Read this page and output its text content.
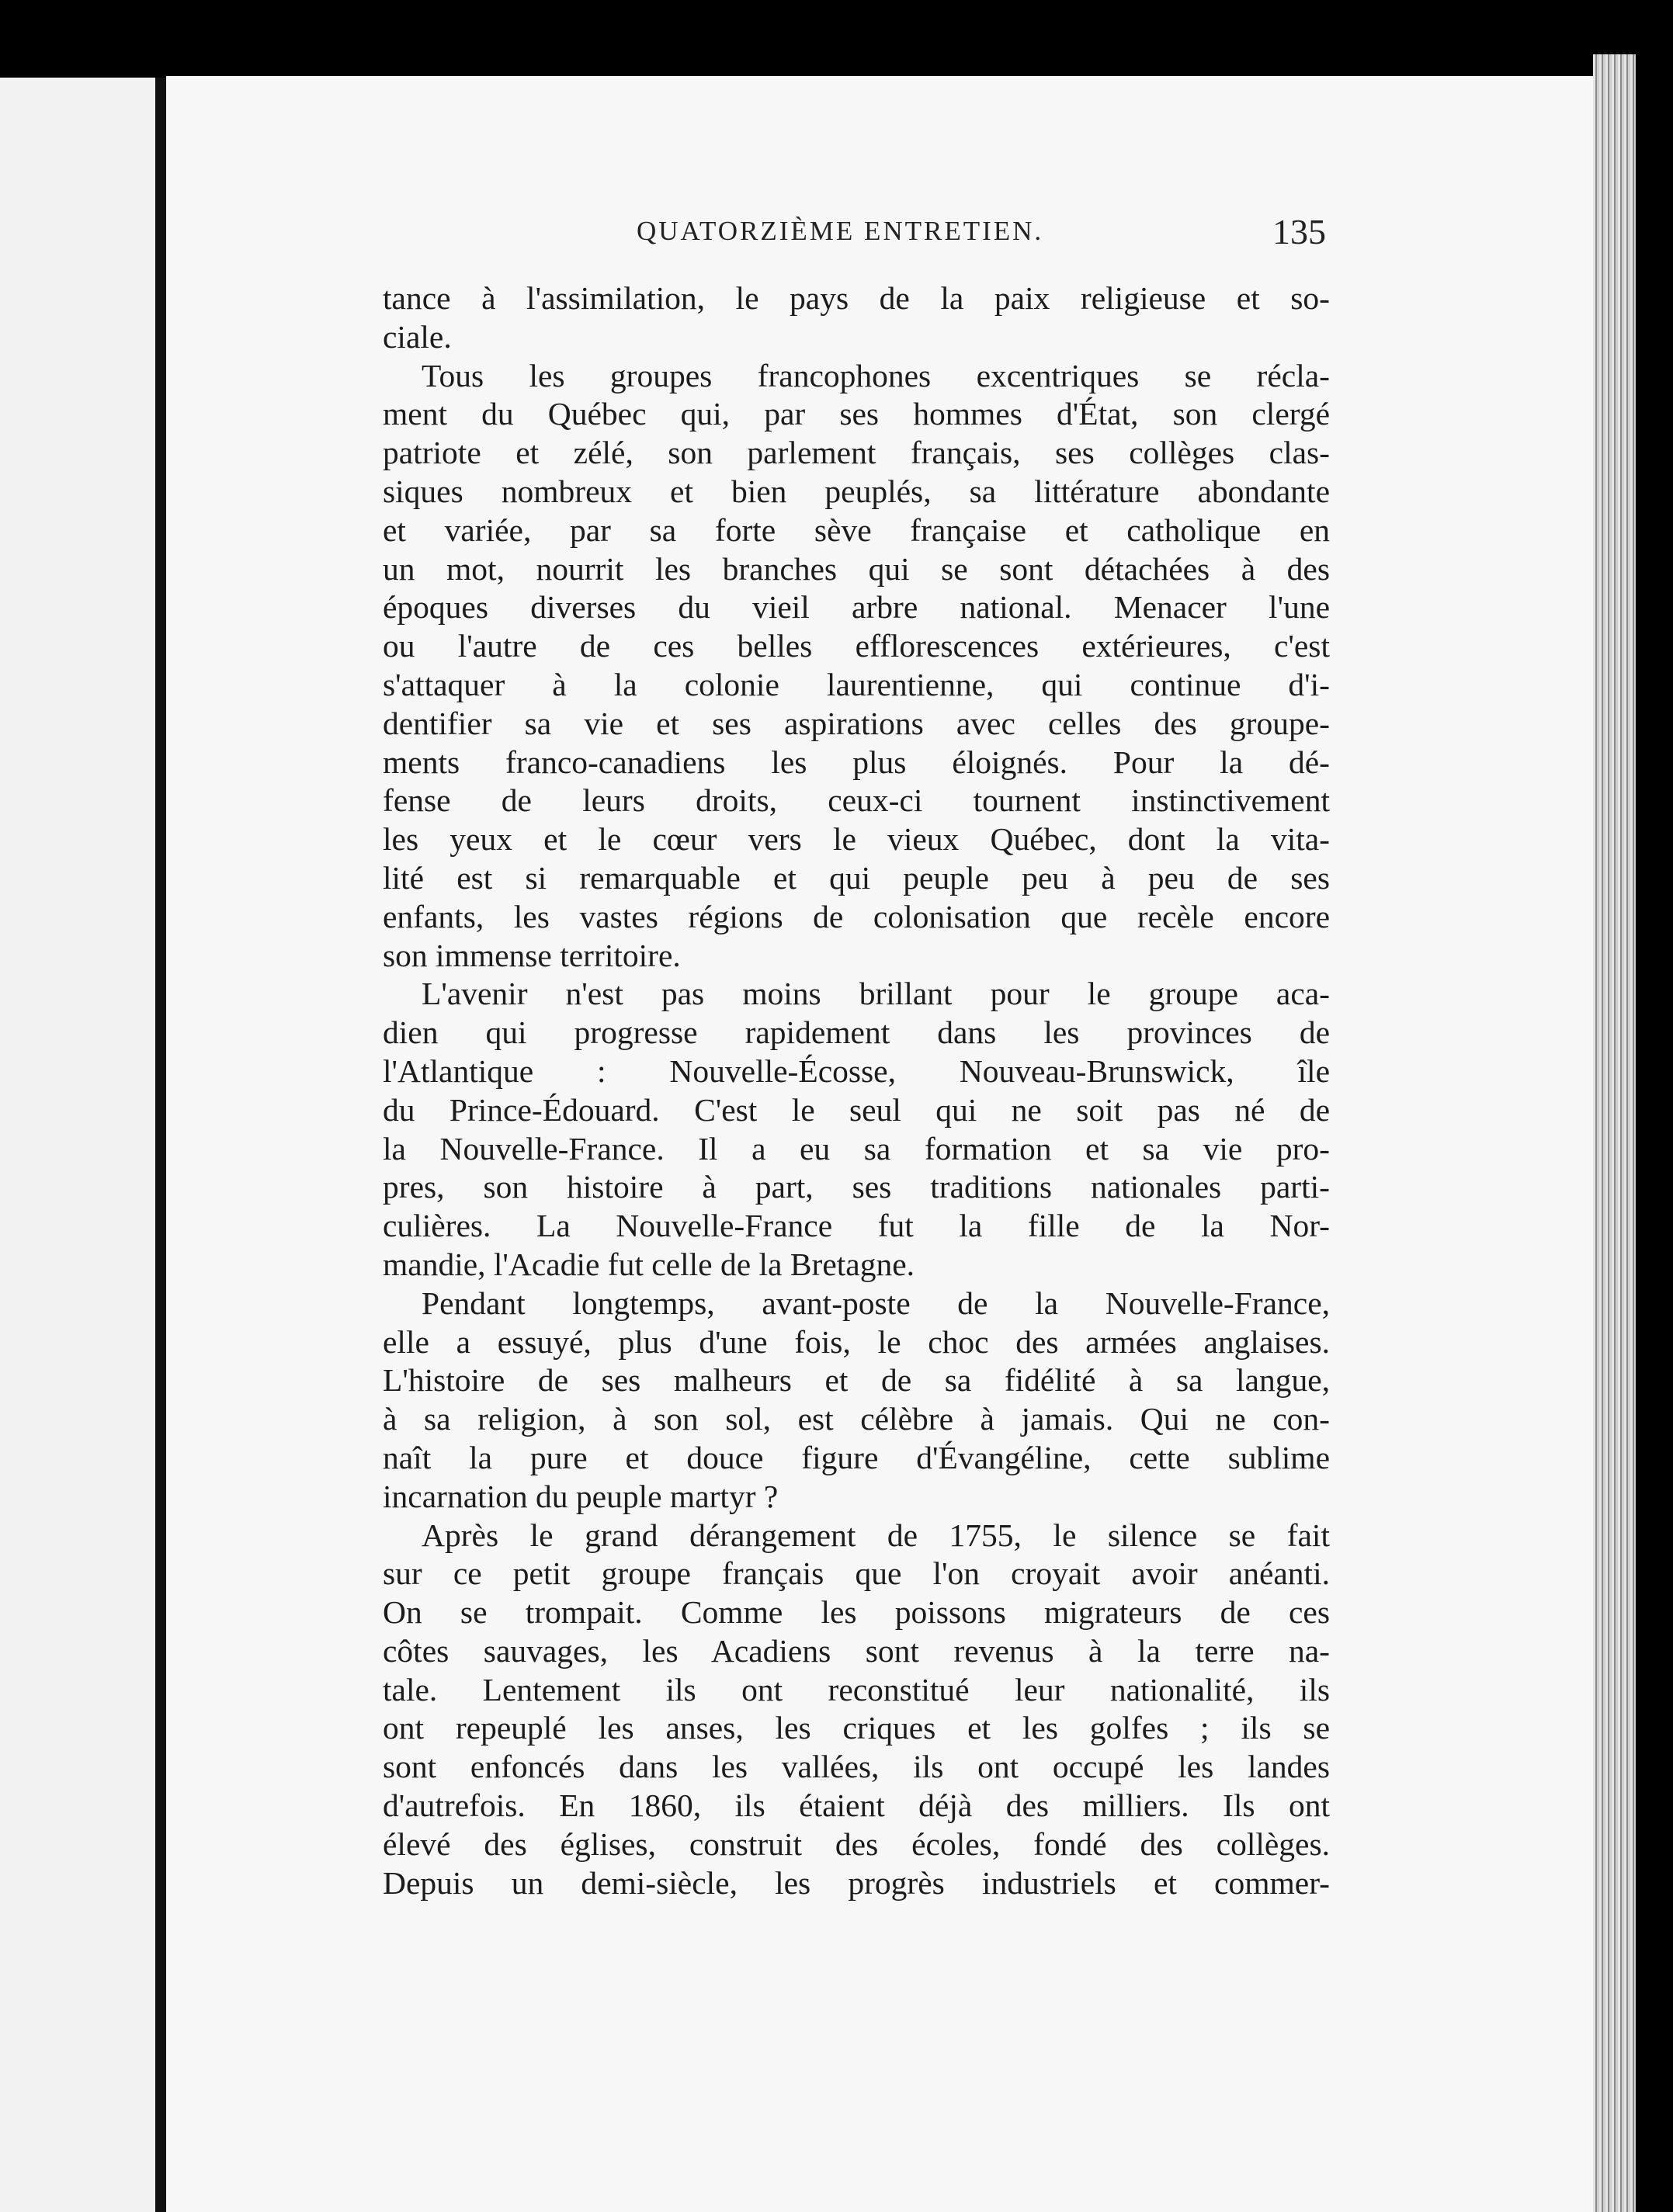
QUATORZIÈME ENTRETIEN.	135
tance à l'assimilation, le pays de la paix religieuse et so-
ciale.
Tous les groupes francophones excentriques se récla-
ment du Québec qui, par ses hommes d'État, son clergé
patriote et zélé, son parlement français, ses collèges clas-
siques nombreux et bien peuplés, sa littérature abondante
et variée, par sa forte sève française et catholique en
un mot, nourrit les branches qui se sont détachées à des
époques diverses du vieil arbre national. Menacer l'une
ou l'autre de ces belles efflorescences extérieures, c'est
s'attaquer à la colonie laurentienne, qui continue d'i-
dentifier sa vie et ses aspirations avec celles des groupe-
ments franco-canadiens les plus éloignés. Pour la dé-
fense de leurs droits, ceux-ci tournent instinctivement
les yeux et le cœur vers le vieux Québec, dont la vita-
lité est si remarquable et qui peuple peu à peu de ses
enfants, les vastes régions de colonisation que recèle encore
son immense territoire.
L'avenir n'est pas moins brillant pour le groupe aca-
dien qui progresse rapidement dans les provinces de
l'Atlantique : Nouvelle-Écosse, Nouveau-Brunswick, île
du Prince-Édouard. C'est le seul qui ne soit pas né de
la Nouvelle-France. Il a eu sa formation et sa vie pro-
pres, son histoire à part, ses traditions nationales parti-
culières. La Nouvelle-France fut la fille de la Nor-
mandie, l'Acadie fut celle de la Bretagne.
Pendant longtemps, avant-poste de la Nouvelle-France,
elle a essuyé, plus d'une fois, le choc des armées anglaises.
L'histoire de ses malheurs et de sa fidélité à sa langue,
à sa religion, à son sol, est célèbre à jamais. Qui ne con-
naît la pure et douce figure d'Évangéline, cette sublime
incarnation du peuple martyr ?
Après le grand dérangement de 1755, le silence se fait
sur ce petit groupe français que l'on croyait avoir anéanti.
On se trompait. Comme les poissons migrateurs de ces
côtes sauvages, les Acadiens sont revenus à la terre na-
tale. Lentement ils ont reconstitué leur nationalité, ils
ont repeuplé les anses, les criques et les golfes ; ils se
sont enfoncés dans les vallées, ils ont occupé les landes
d'autrefois. En 1860, ils étaient déjà des milliers. Ils ont
élevé des églises, construit des écoles, fondé des collèges.
Depuis un demi-siècle, les progrès industriels et commer-
